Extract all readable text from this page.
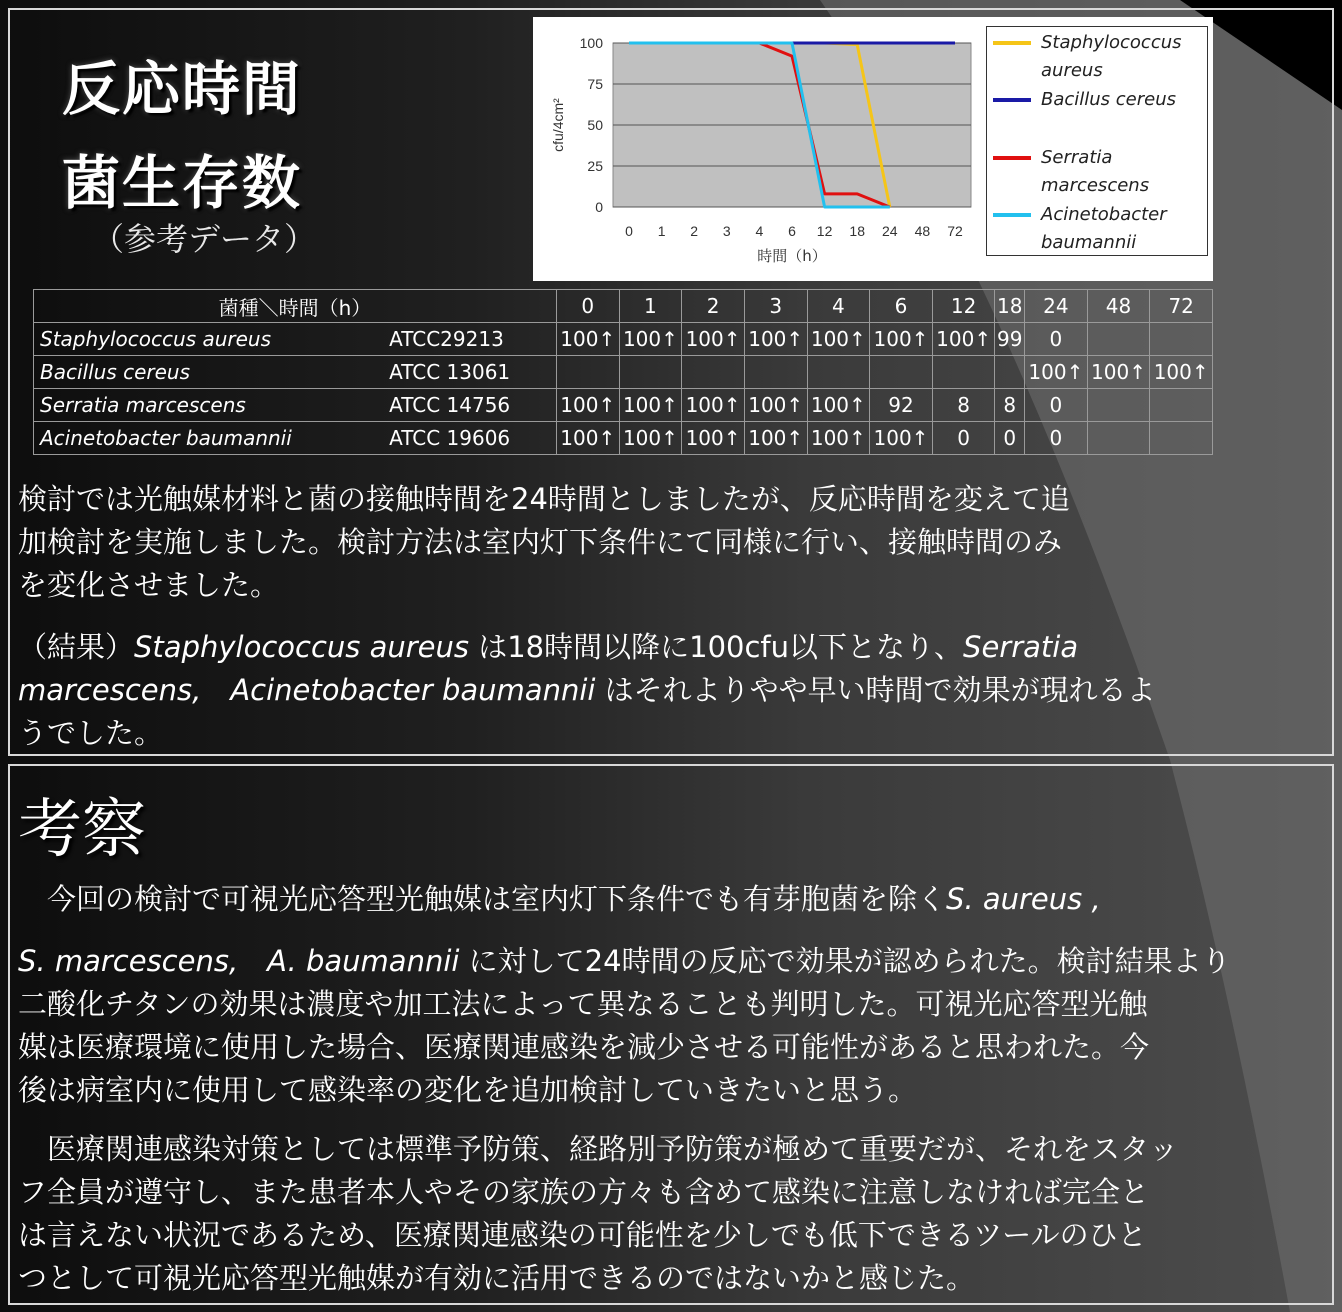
反応時間
菌生存数
（参考データ）
0
25
50
75
100
0 1 2 3 4 6 12 18 24 48 72
cfu/4cm²
時間（h）
Staphylococcus
aureus
Bacillus cereus
Serratia
marcescens
Acinetobacter
baumannii
菌種＼時間（h）		0	1	2	3	4	6	12	18	24	48	72
Staphylococcus aureus	ATCC29213	100↑	100↑	100↑	100↑	100↑	100↑	100↑	99	0		
Bacillus cereus	ATCC 13061									100↑	100↑	100↑
Serratia marcescens	ATCC 14756	100↑	100↑	100↑	100↑	100↑	92	8	8	0		
Acinetobacter baumannii	ATCC 19606	100↑	100↑	100↑	100↑	100↑	100↑	0	0	0		
検討では光触媒材料と菌の接触時間を24時間としましたが、反応時間を変えて追
加検討を実施しました。検討方法は室内灯下条件にて同様に行い、接触時間のみ
を変化させました。
（結果）Staphylococcus aureus は18時間以降に100cfu以下となり、Serratia
marcescens,　Acinetobacter baumannii はそれよりやや早い時間で効果が現れるよ
うでした。
考察
　今回の検討で可視光応答型光触媒は室内灯下条件でも有芽胞菌を除くS. aureus ,
S. marcescens,　A. baumannii に対して24時間の反応で効果が認められた。検討結果より
二酸化チタンの効果は濃度や加工法によって異なることも判明した。可視光応答型光触
媒は医療環境に使用した場合、医療関連感染を減少させる可能性があると思われた。今
後は病室内に使用して感染率の変化を追加検討していきたいと思う。
　医療関連感染対策としては標準予防策、経路別予防策が極めて重要だが、それをスタッ
フ全員が遵守し、また患者本人やその家族の方々も含めて感染に注意しなければ完全と
は言えない状況であるため、医療関連感染の可能性を少しでも低下できるツールのひと
つとして可視光応答型光触媒が有効に活用できるのではないかと感じた。
